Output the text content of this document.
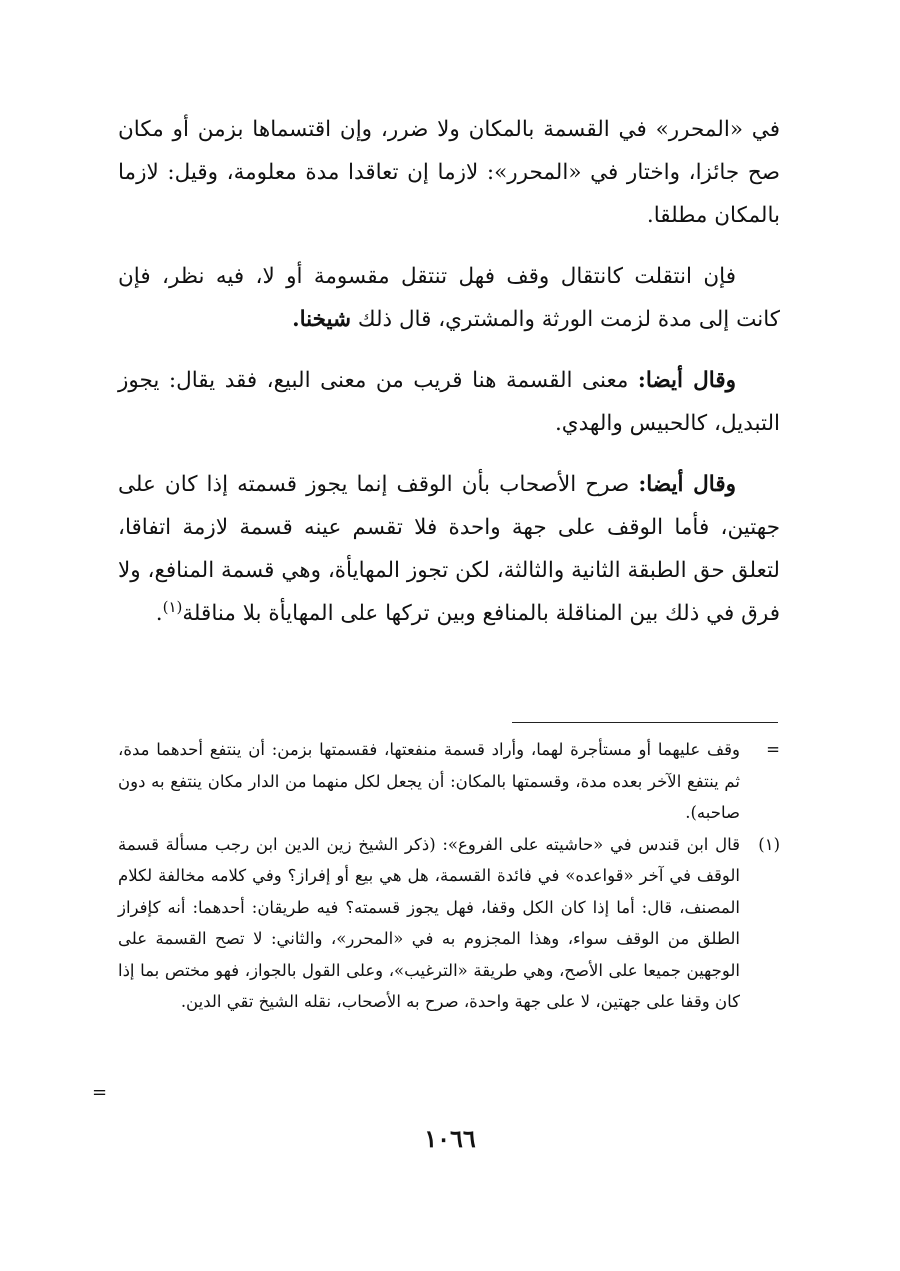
في «المحرر» في القسمة بالمكان ولا ضرر، وإن اقتسماها بزمن أو مكان صح جائزا، واختار في «المحرر»: لازما إن تعاقدا مدة معلومة، وقيل: لازما بالمكان مطلقا.

فإن انتقلت كانتقال وقف فهل تنتقل مقسومة أو لا، فيه نظر، فإن كانت إلى مدة لزمت الورثة والمشتري، قال ذلك شيخنا.

وقال أيضا: معنى القسمة هنا قريب من معنى البيع، فقد يقال: يجوز التبديل، كالحبيس والهدي.

وقال أيضا: صرح الأصحاب بأن الوقف إنما يجوز قسمته إذا كان على جهتين، فأما الوقف على جهة واحدة فلا تقسم عينه قسمة لازمة اتفاقا، لتعلق حق الطبقة الثانية والثالثة، لكن تجوز المهايأة، وهي قسمة المنافع، ولا فرق في ذلك بين المناقلة بالمنافع وبين تركها على المهايأة بلا مناقلة$^{(١)}$.

=
وقف عليهما أو مستأجرة لهما، وأراد قسمة منفعتها، فقسمتها بزمن: أن ينتفع أحدهما مدة، ثم ينتفع الآخر بعده مدة، وقسمتها بالمكان: أن يجعل لكل منهما من الدار مكان ينتفع به دون صاحبه).
(١)
قال ابن قندس في «حاشيته على الفروع»: (ذكر الشيخ زين الدين ابن رجب مسألة قسمة الوقف في آخر «قواعده» في فائدة القسمة، هل هي بيع أو إفراز؟ وفي كلامه مخالفة لكلام المصنف، قال: أما إذا كان الكل وقفا، فهل يجوز قسمته؟ فيه طريقان: أحدهما: أنه كإفراز الطلق من الوقف سواء، وهذا المجزوم به في «المحرر»، والثاني: لا تصح القسمة على الوجهين جميعا على الأصح، وهي طريقة «الترغيب»، وعلى القول بالجواز، فهو مختص بما إذا كان وقفا على جهتين، لا على جهة واحدة، صرح به الأصحاب، نقله الشيخ تقي الدين.
=
١٠٦٦
